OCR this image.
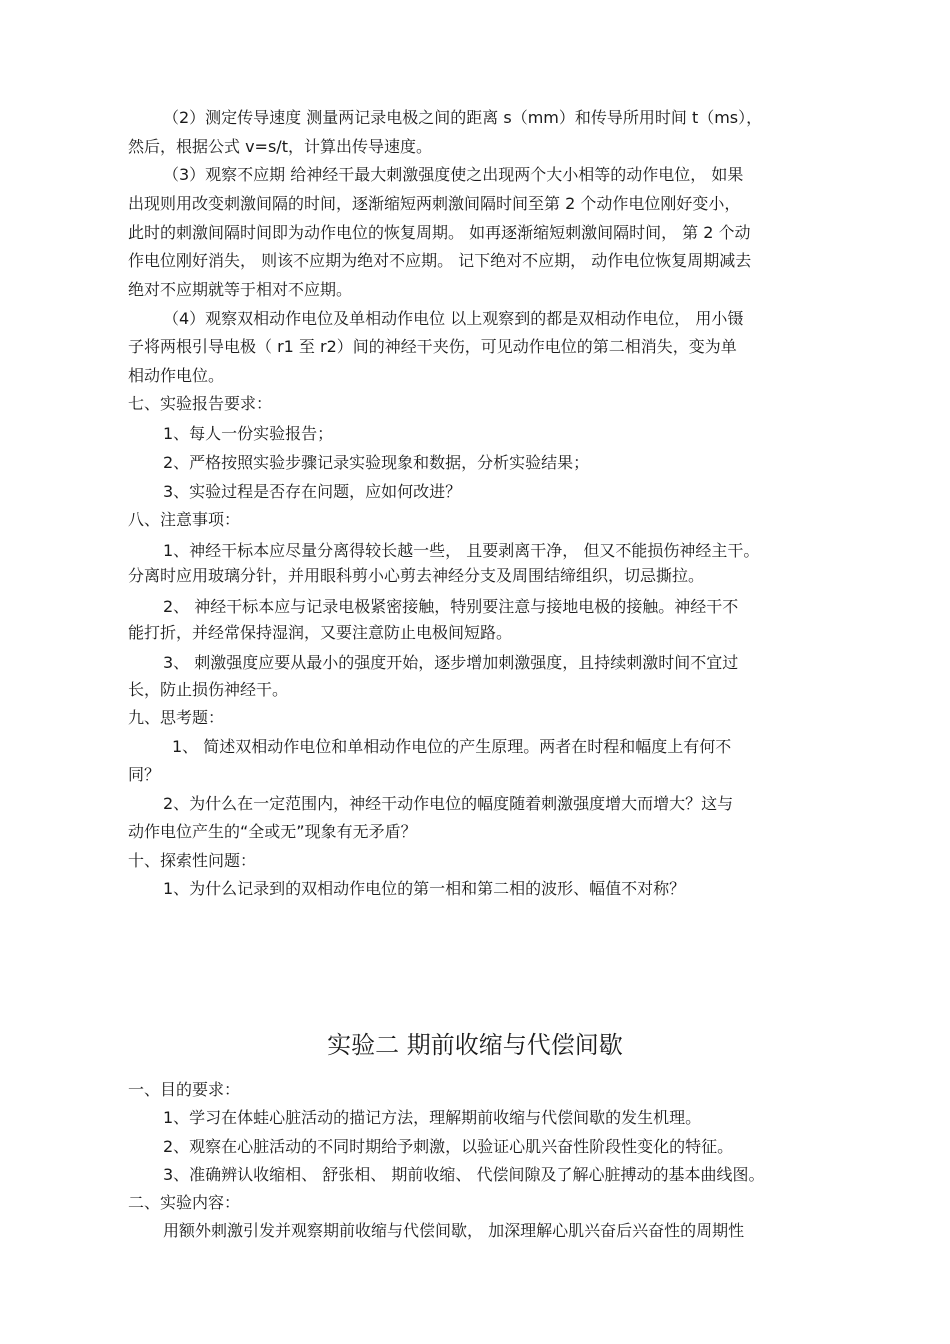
（2）测定传导速度 测量两记录电极之间的距离 s（mm）和传导所用时间 t（ms），
然后，根据公式 v=s/t，计算出传导速度。
（3）观察不应期 给神经干最大刺激强度使之出现两个大小相等的动作电位， 如果
出现则用改变刺激间隔的时间，逐渐缩短两刺激间隔时间至第 2 个动作电位刚好变小，
此时的刺激间隔时间即为动作电位的恢复周期。 如再逐渐缩短刺激间隔时间， 第 2 个动
作电位刚好消失， 则该不应期为绝对不应期。 记下绝对不应期， 动作电位恢复周期减去
绝对不应期就等于相对不应期。
（4）观察双相动作电位及单相动作电位 以上观察到的都是双相动作电位， 用小镊
子将两根引导电极（ r1 至 r2）间的神经干夹伤，可见动作电位的第二相消失，变为单
相动作电位。
七、实验报告要求：
1、每人一份实验报告；
2、严格按照实验步骤记录实验现象和数据，分析实验结果；
3、实验过程是否存在问题，应如何改进？
八、注意事项：
1、神经干标本应尽量分离得较长越一些， 且要剥离干净， 但又不能损伤神经主干。
分离时应用玻璃分针，并用眼科剪小心剪去神经分支及周围结缔组织，切忌撕拉。
2、 神经干标本应与记录电极紧密接触，特别要注意与接地电极的接触。神经干不
能打折，并经常保持湿润，又要注意防止电极间短路。
3、 刺激强度应要从最小的强度开始，逐步增加刺激强度，且持续刺激时间不宜过
长，防止损伤神经干。
九、思考题：
1、 简述双相动作电位和单相动作电位的产生原理。两者在时程和幅度上有何不
同？
2、为什么在一定范围内，神经干动作电位的幅度随着刺激强度增大而增大？这与
动作电位产生的“全或无”现象有无矛盾？
十、探索性问题：
1、为什么记录到的双相动作电位的第一相和第二相的波形、幅值不对称？
实验二 期前收缩与代偿间歇
一、目的要求：
1、学习在体蛙心脏活动的描记方法，理解期前收缩与代偿间歇的发生机理。
2、观察在心脏活动的不同时期给予刺激，以验证心肌兴奋性阶段性变化的特征。
3、准确辨认收缩相、 舒张相、 期前收缩、 代偿间隙及了解心脏搏动的基本曲线图。
二、实验内容：
用额外刺激引发并观察期前收缩与代偿间歇， 加深理解心肌兴奋后兴奋性的周期性
